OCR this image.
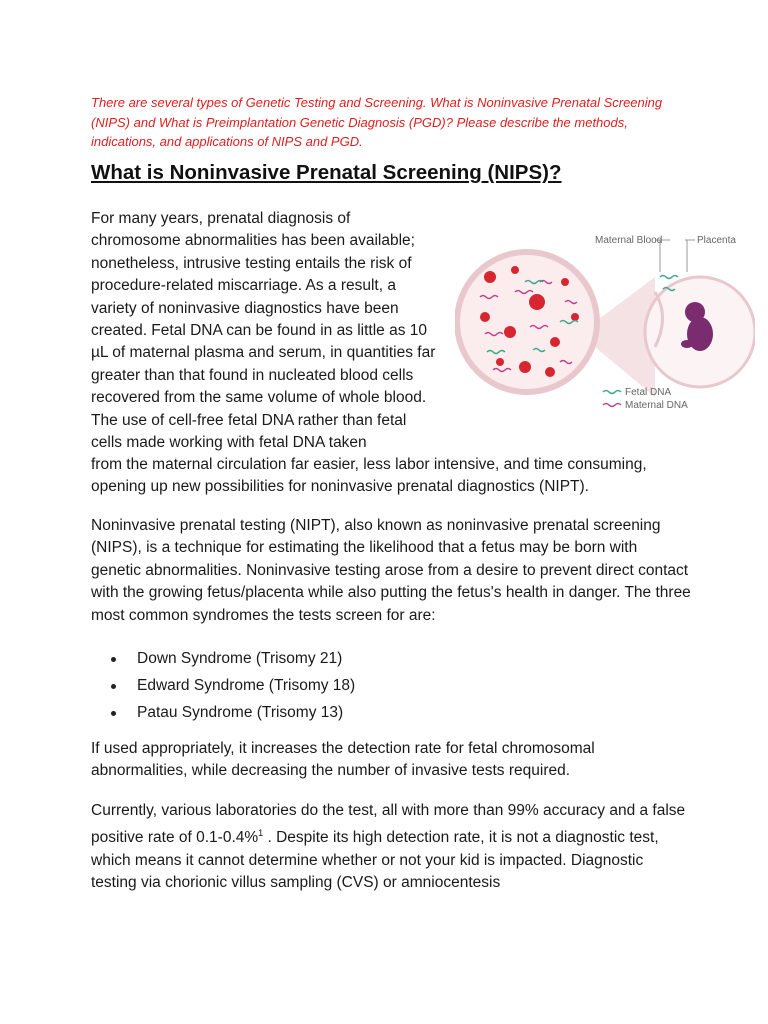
There are several types of Genetic Testing and Screening. What is Noninvasive Prenatal Screening (NIPS) and What is Preimplantation Genetic Diagnosis (PGD)? Please describe the methods, indications, and applications of NIPS and PGD.
What is Noninvasive Prenatal Screening (NIPS)?

For many years, prenatal diagnosis of chromosome abnormalities has been available; nonetheless, intrusive testing entails the risk of procedure-related miscarriage. As a result, a variety of noninvasive diagnostics have been created. Fetal DNA can be found in as little as 10 µL of maternal plasma and serum, in quantities far greater than that found in nucleated blood cells recovered from the same volume of whole blood. The use of cell-free fetal DNA rather than fetal cells made working with fetal DNA taken

Maternal Blood	Placenta
Fetal DNA
Maternal DNA

from the maternal circulation far easier, less labor intensive, and time consuming, opening up new possibilities for noninvasive prenatal diagnostics (NIPT).

Noninvasive prenatal testing (NIPT), also known as noninvasive prenatal screening (NIPS), is a technique for estimating the likelihood that a fetus may be born with genetic abnormalities. Noninvasive testing arose from a desire to prevent direct contact with the growing fetus/placenta while also putting the fetus's health in danger. The three most common syndromes the tests screen for are:

Down Syndrome (Trisomy 21)
Edward Syndrome (Trisomy 18)
Patau Syndrome (Trisomy 13)

If used appropriately, it increases the detection rate for fetal chromosomal abnormalities, while decreasing the number of invasive tests required.

Currently, various laboratories do the test, all with more than 99% accuracy and a false positive rate of 0.1-0.4%$^1$ . Despite its high detection rate, it is not a diagnostic test, which means it cannot determine whether or not your kid is impacted. Diagnostic testing via chorionic villus sampling (CVS) or amniocentesis
